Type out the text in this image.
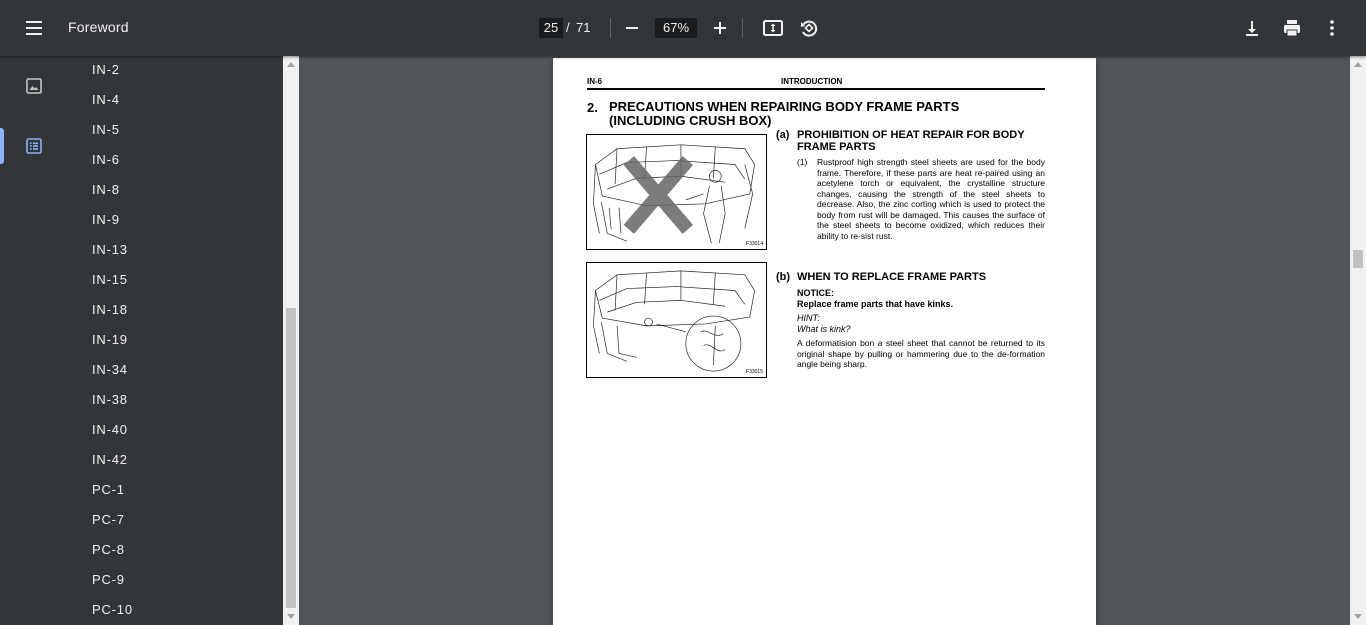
Foreword	25 / 71	67%
IN-2
IN-4
IN-5
IN-6
IN-8
IN-9
IN-13
IN-15
IN-18
IN-19
IN-34
IN-38
IN-40
IN-42
PC-1
PC-7
PC-8
PC-9
PC-10
IN-6	INTRODUCTION
2. PRECAUTIONS WHEN REPAIRING BODY FRAME PARTS (INCLUDING CRUSH BOX)
F33014
F33015
(a) PROHIBITION OF HEAT REPAIR FOR BODY FRAME PARTS
(1) Rustproof high strength steel sheets are used for the body frame. Therefore, if these parts are heat re-paired using an acetylene torch or equivalent, the crystalline structure changes, causing the strength of the steel sheets to decrease. Also, the zinc corting which is used to protect the body from rust will be damaged. This causes the surface of the steel sheets to become oxidized, which reduces their ability to re-sist rust.
(b) WHEN TO REPLACE FRAME PARTS
NOTICE:
Replace frame parts that have kinks.
HINT:
What is kink?
A deformatision bon a steel sheet that cannot be returned to its original shape by pulling or hammering due to the de-formation angle being sharp.
